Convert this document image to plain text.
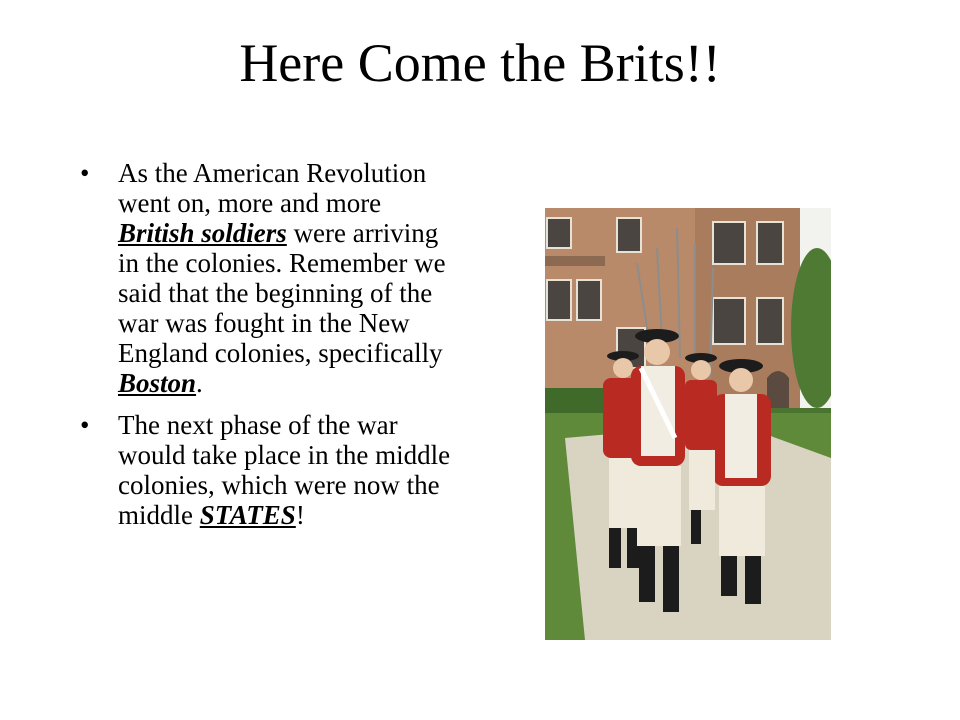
Here Come the Brits!!
• As the American Revolution went on, more and more British soldiers were arriving in the colonies. Remember we said that the beginning of the war was fought in the New England colonies, specifically Boston.
• The next phase of the war would take place in the middle colonies, which were now the middle STATES!
